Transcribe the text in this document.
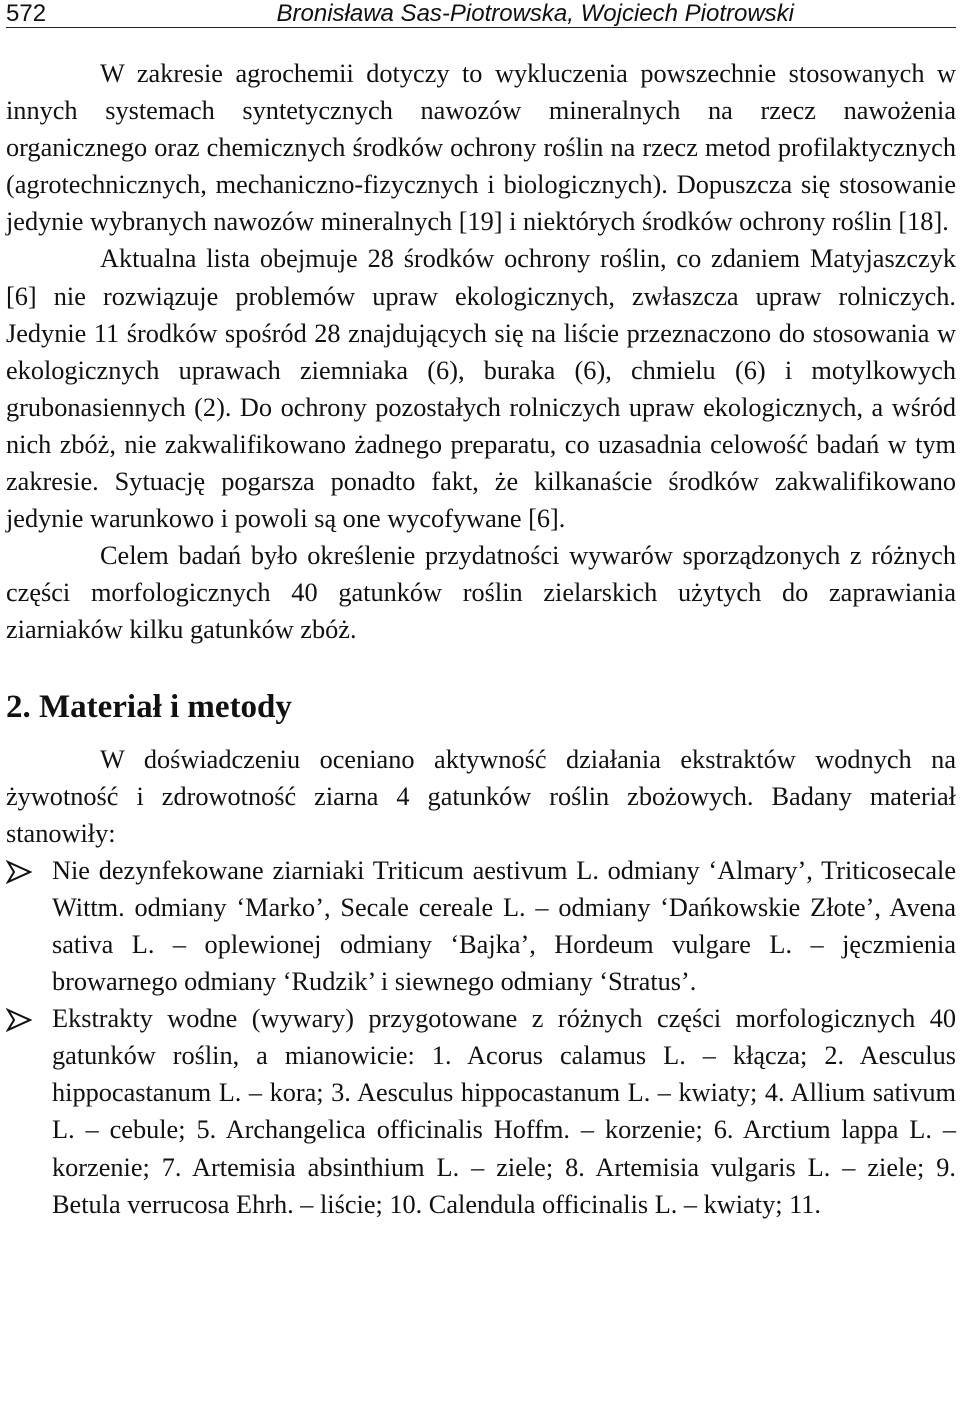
572	Bronisława Sas-Piotrowska, Wojciech Piotrowski

W zakresie agrochemii dotyczy to wykluczenia powszechnie stosowanych w innych systemach syntetycznych nawozów mineralnych na rzecz nawożenia organicznego oraz chemicznych środków ochrony roślin na rzecz metod profilaktycznych (agrotechnicznych, mechaniczno-fizycznych i biologicznych). Dopuszcza się stosowanie jedynie wybranych nawozów mineralnych [19] i niektórych środków ochrony roślin [18].

Aktualna lista obejmuje 28 środków ochrony roślin, co zdaniem Matyjaszczyk [6] nie rozwiązuje problemów upraw ekologicznych, zwłaszcza upraw rolniczych. Jedynie 11 środków spośród 28 znajdujących się na liście przeznaczono do stosowania w ekologicznych uprawach ziemniaka (6), buraka (6), chmielu (6) i motylkowych grubonasiennych (2). Do ochrony pozostałych rolniczych upraw ekologicznych, a wśród nich zbóż, nie zakwalifikowano żadnego preparatu, co uzasadnia celowość badań w tym zakresie. Sytuację pogarsza ponadto fakt, że kilkanaście środków zakwalifikowano jedynie warunkowo i powoli są one wycofywane [6].

Celem badań było określenie przydatności wywarów sporządzonych z różnych części morfologicznych 40 gatunków roślin zielarskich użytych do zaprawiania ziarniaków kilku gatunków zbóż.

2. Materiał i metody

W doświadczeniu oceniano aktywność działania ekstraktów wodnych na żywotność i zdrowotność ziarna 4 gatunków roślin zbożowych. Badany materiał stanowiły:

Nie dezynfekowane ziarniaki Triticum aestivum L. odmiany ‘Almary’, Triticosecale Wittm. odmiany ‘Marko’, Secale cereale L. – odmiany ‘Dańkowskie Złote’, Avena sativa L. – oplewionej odmiany ‘Bajka’, Hordeum vulgare L. – jęczmienia browarnego odmiany ‘Rudzik’ i siewnego odmiany ‘Stratus’.
Ekstrakty wodne (wywary) przygotowane z różnych części morfologicznych 40 gatunków roślin, a mianowicie: 1. Acorus calamus L. – kłącza; 2. Aesculus hippocastanum L. – kora; 3. Aesculus hippocastanum L. – kwiaty; 4. Allium sativum L. – cebule; 5. Archangelica officinalis Hoffm. – korzenie; 6. Arctium lappa L. – korzenie; 7. Artemisia absinthium L. – ziele; 8. Artemisia vulgaris L. – ziele; 9. Betula verrucosa Ehrh. – liście; 10. Calendula officinalis L. – kwiaty; 11.
